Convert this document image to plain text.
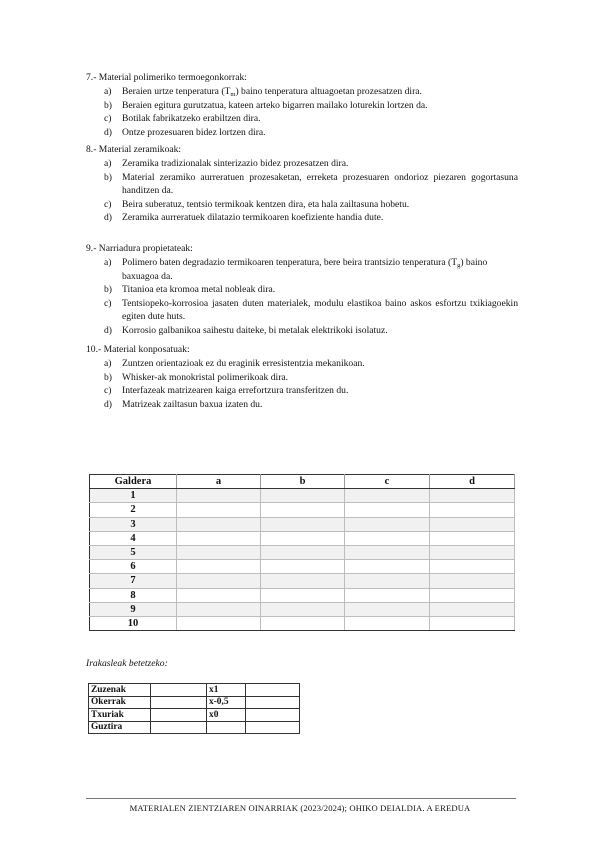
7.- Material polimeriko termoegonkorrak:
a) Beraien urtze tenperatura $(T_m)$ baino tenperatura altuagoetan prozesatzen dira.
b) Beraien egitura gurutzatua, kateen arteko bigarren mailako loturekin lortzen da.
c) Botilak fabrikatzeko erabiltzen dira.
d) Ontze prozesuaren bidez lortzen dira.
8.- Material zeramikoak:
a) Zeramika tradizionalak sinterizazio bidez prozesatzen dira.
b) Material zeramiko aurreratuen prozesaketan, erreketa prozesuaren ondorioz piezaren gogortasuna handitzen da.
c) Beira suberatuz, tentsio termikoak kentzen dira, eta hala zailtasuna hobetu.
d) Zeramika aurreratuek dilatazio termikoaren koefiziente handia dute.
9.- Narriadura propietateak:
a) Polimero baten degradazio termikoaren tenperatura, bere beira trantsizio tenperatura $(T_g)$ baino baxuagoa da.
b) Titanioa eta kromoa metal nobleak dira.
c) Tentsiopeko-korrosioa jasaten duten materialek, modulu elastikoa baino askos esfortzu txikiagoekin egiten dute huts.
d) Korrosio galbanikoa saihestu daiteke, bi metalak elektrikoki isolatuz.
10.- Material konposatuak:
a) Zuntzen orientazioak ez du eraginik erresistentzia mekanikoan.
b) Whisker-ak monokristal polimerikoak dira.
c) Interfazeak matrizearen kaiga errefortzura transferitzen du.
d) Matrizeak zailtasun baxua izaten du.
Galdera	a	b	c	d
1				
2				
3				
4				
5				
6				
7				
8				
9				
10				
Irakasleak betetzeko:
Zuzenak		x1	
Okerrak		x-0,5	
Txuriak		x0	
Guztira			
MATERIALEN ZIENTZIAREN OINARRIAK (2023/2024); OHIKO DEIALDIA. A EREDUA
